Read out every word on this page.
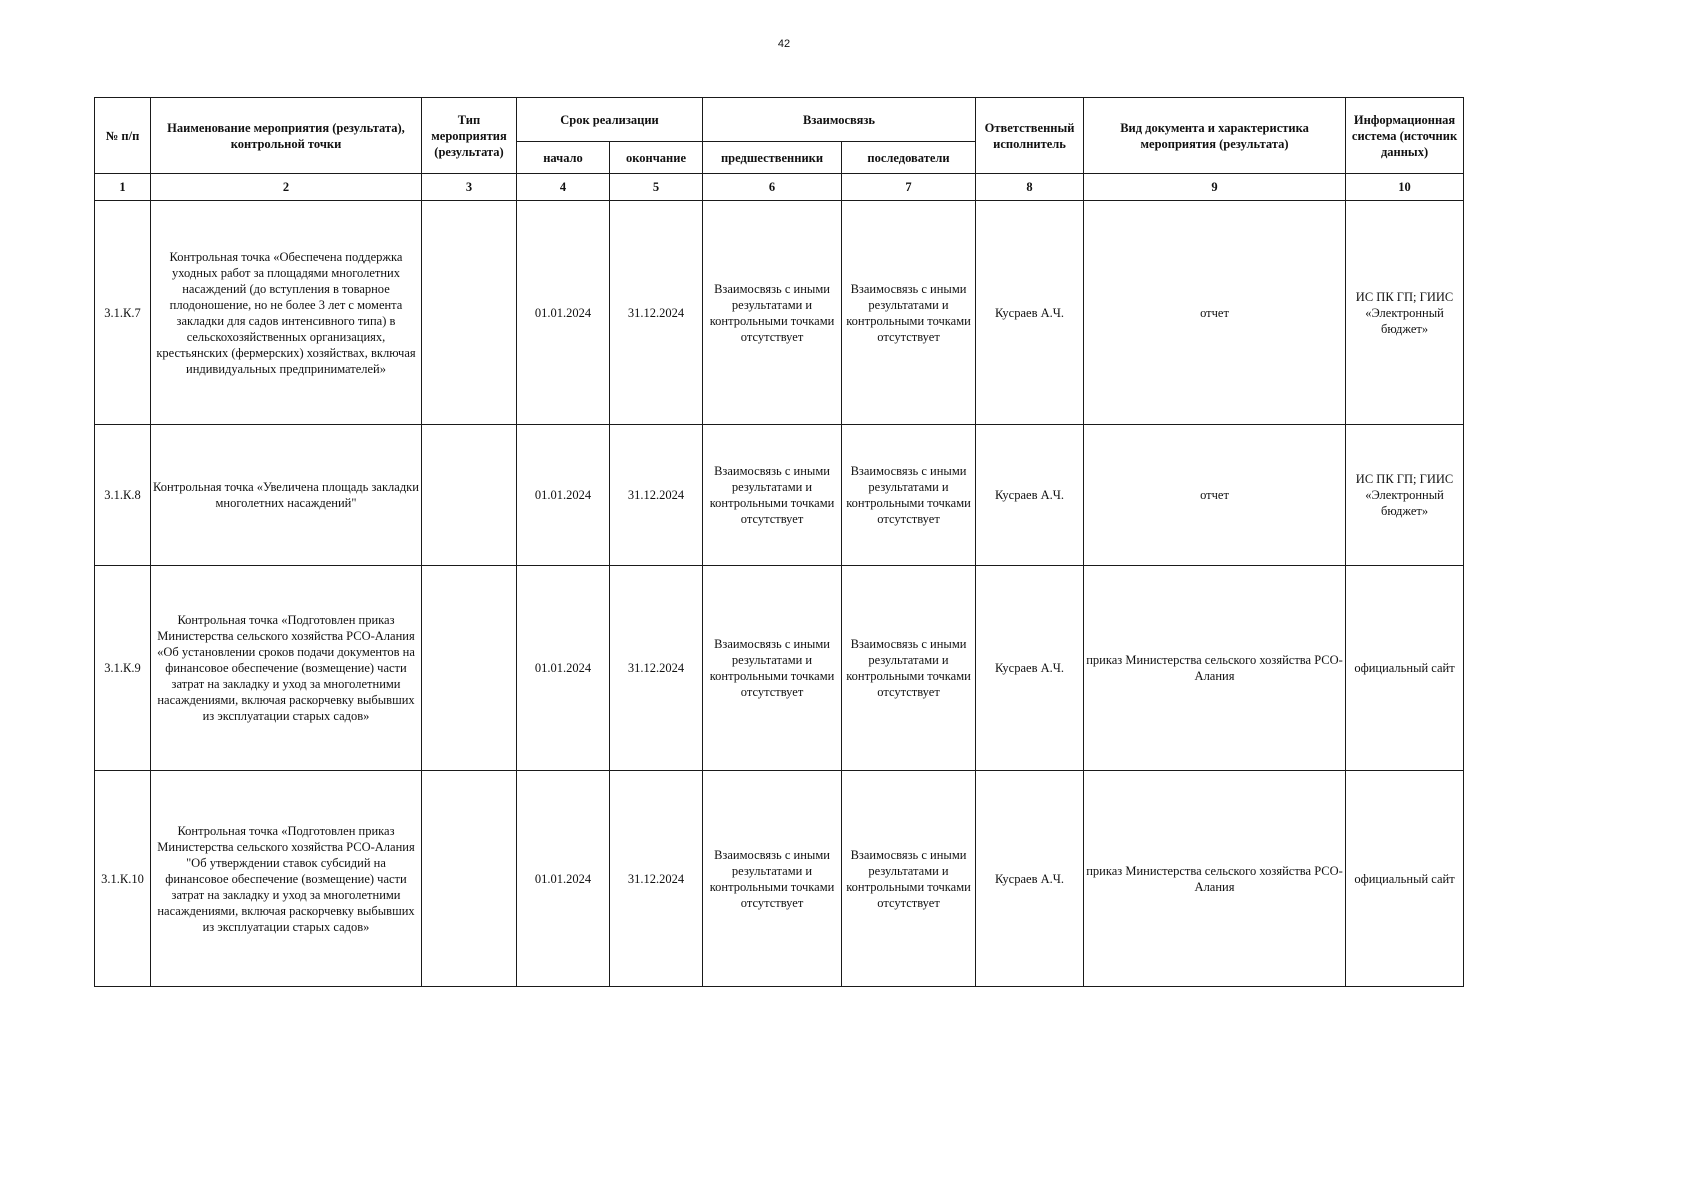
42
№ п/п	Наименование мероприятия (результата), контрольной точки	Тип мероприятия (результата)	Срок реализации		Взаимосвязь		Ответственный исполнитель	Вид документа и характеристика мероприятия (результата)	Информационная система (источник данных)
			начало	окончание	предшественники	последователи			
1	2	3	4	5	6	7	8	9	10
3.1.К.7	Контрольная точка «Обеспечена поддержка уходных работ за площадями многолетних насаждений (до вступления в товарное плодоношение, но не более 3 лет с момента закладки для садов интенсивного типа) в сельскохозяйственных организациях, крестьянских (фермерских) хозяйствах, включая индивидуальных предпринимателей»		01.01.2024	31.12.2024	Взаимосвязь с иными результатами и контрольными точками отсутствует	Взаимосвязь с иными результатами и контрольными точками отсутствует	Кусраев А.Ч.	отчет	ИС ПК ГП; ГИИС «Электронный бюджет»
3.1.К.8	Контрольная точка «Увеличена площадь закладки многолетних насаждений"		01.01.2024	31.12.2024	Взаимосвязь с иными результатами и контрольными точками отсутствует	Взаимосвязь с иными результатами и контрольными точками отсутствует	Кусраев А.Ч.	отчет	ИС ПК ГП; ГИИС «Электронный бюджет»
3.1.К.9	Контрольная точка «Подготовлен приказ Министерства сельского хозяйства РСО-Алания «Об установлении сроков подачи документов на финансовое обеспечение (возмещение) части затрат на закладку и уход за многолетними насаждениями, включая раскорчевку выбывших из эксплуатации старых садов»		01.01.2024	31.12.2024	Взаимосвязь с иными результатами и контрольными точками отсутствует	Взаимосвязь с иными результатами и контрольными точками отсутствует	Кусраев А.Ч.	приказ Министерства сельского хозяйства РСО-Алания	официальный сайт
3.1.К.10	Контрольная точка «Подготовлен приказ Министерства сельского хозяйства РСО-Алания "Об утверждении ставок субсидий на финансовое обеспечение (возмещение) части затрат на закладку и уход за многолетними насаждениями, включая раскорчевку выбывших из эксплуатации старых садов»		01.01.2024	31.12.2024	Взаимосвязь с иными результатами и контрольными точками отсутствует	Взаимосвязь с иными результатами и контрольными точками отсутствует	Кусраев А.Ч.	приказ Министерства сельского хозяйства РСО-Алания	официальный сайт
